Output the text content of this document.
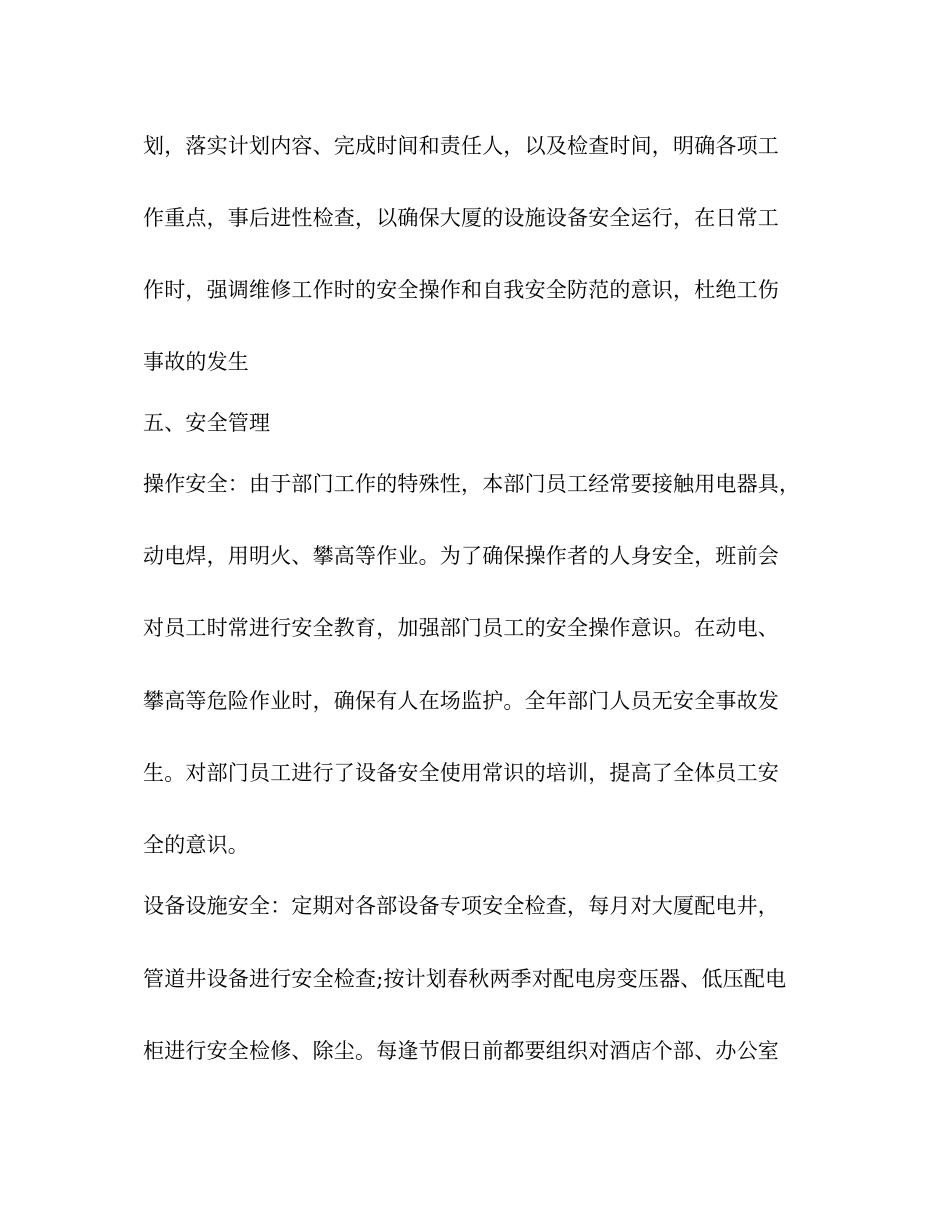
划，落实计划内容、完成时间和责任人，以及检查时间，明确各项工
作重点，事后进性检查，以确保大厦的设施设备安全运行，在日常工
作时，强调维修工作时的安全操作和自我安全防范的意识，杜绝工伤
事故的发生
五、安全管理
操作安全：由于部门工作的特殊性，本部门员工经常要接触用电器具，
动电焊，用明火、攀高等作业。为了确保操作者的人身安全，班前会
对员工时常进行安全教育，加强部门员工的安全操作意识。在动电、
攀高等危险作业时，确保有人在场监护。全年部门人员无安全事故发
生。对部门员工进行了设备安全使用常识的培训，提高了全体员工安
全的意识。
设备设施安全：定期对各部设备专项安全检查，每月对大厦配电井，
管道井设备进行安全检查;按计划春秋两季对配电房变压器、低压配电
柜进行安全检修、除尘。每逢节假日前都要组织对酒店个部、办公室
